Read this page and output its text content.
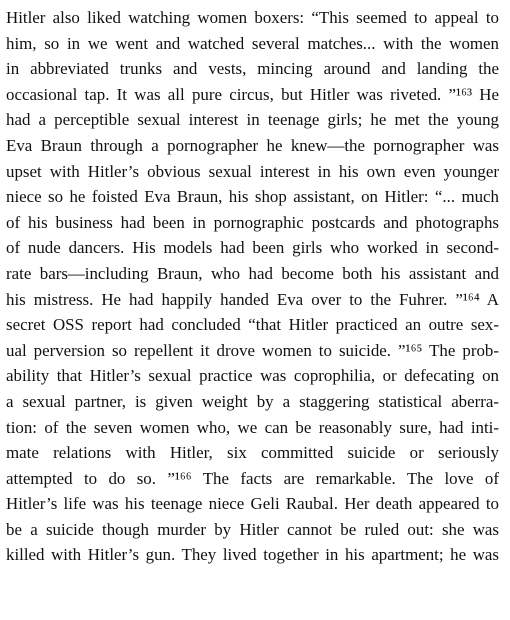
Hitler also liked watching women boxers: “This seemed to appeal to
him, so in we went and watched several matches... with the women
in abbreviated trunks and vests, mincing around and landing the
occasional tap. It was all pure circus, but Hitler was riveted. ”¹⁶³ He
had a perceptible sexual interest in teenage girls; he met the young
Eva Braun through a pornographer he knew—the pornographer was
upset with Hitler’s obvious sexual interest in his own even younger
niece so he foisted Eva Braun, his shop assistant, on Hitler: “... much
of his business had been in pornographic postcards and photographs
of nude dancers. His models had been girls who worked in second-
rate bars—including Braun, who had become both his assistant and
his mistress. He had happily handed Eva over to the Fuhrer. ”¹⁶⁴ A
secret OSS report had concluded “that Hitler practiced an outre sex-
ual perversion so repellent it drove women to suicide. ”¹⁶⁵ The prob-
ability that Hitler’s sexual practice was coprophilia, or defecating on
a sexual partner, is given weight by a staggering statistical aberra-
tion: of the seven women who, we can be reasonably sure, had inti-
mate relations with Hitler, six committed suicide or seriously
attempted to do so. ”¹⁶⁶ The facts are remarkable. The love of
Hitler’s life was his teenage niece Geli Raubal. Her death appeared to
be a suicide though murder by Hitler cannot be ruled out: she was
killed with Hitler’s gun. They lived together in his apartment; he was
